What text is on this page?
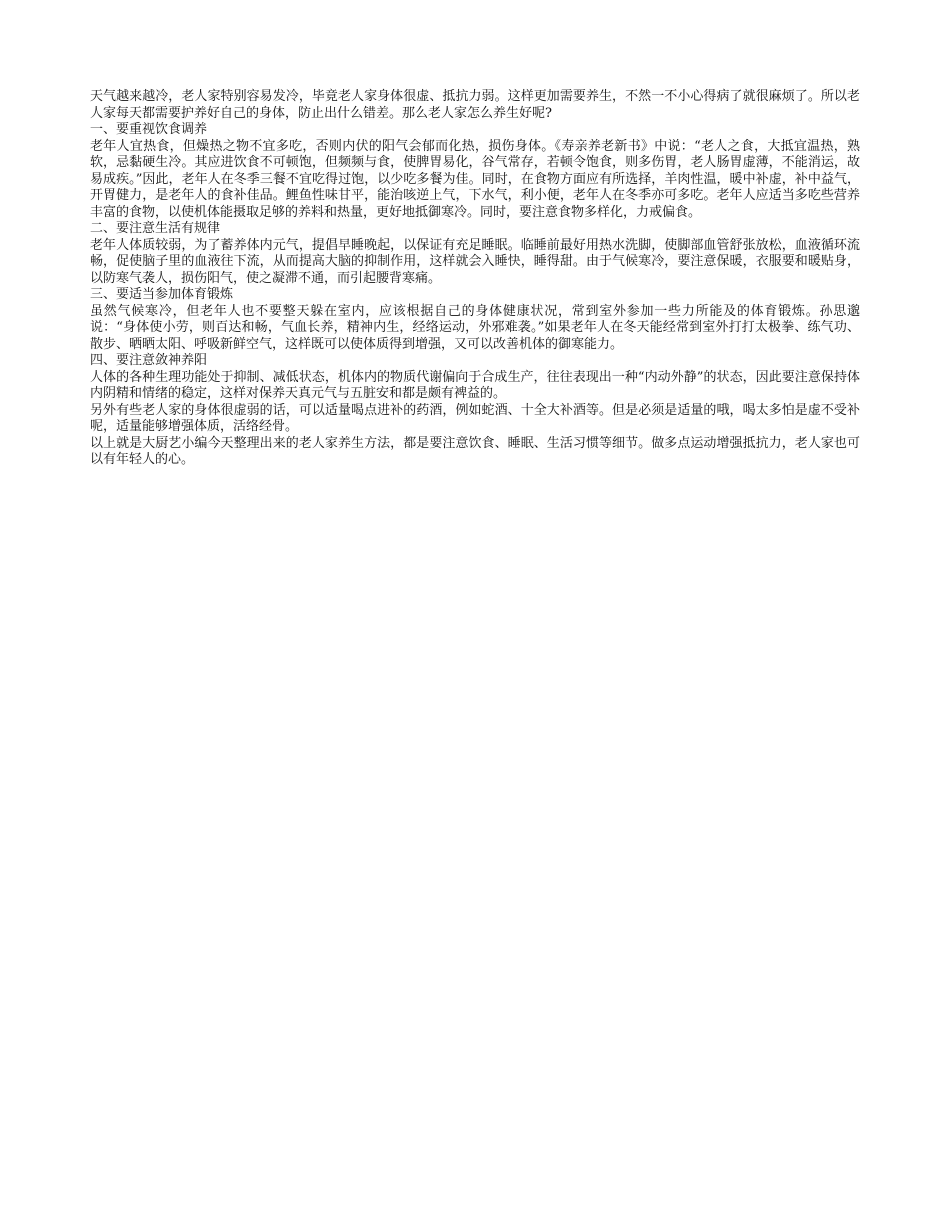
天气越来越冷，老人家特别容易发冷，毕竟老人家身体很虚、抵抗力弱。这样更加需要养生，不然一不小心得病了就很麻烦了。所以老人家每天都需要护养好自己的身体，防止出什么错差。那么老人家怎么养生好呢?

一、要重视饮食调养

老年人宜热食，但燥热之物不宜多吃，否则内伏的阳气会郁而化热，损伤身体。《寿亲养老新书》中说：“老人之食，大抵宜温热，熟软，忌黏硬生冷。其应进饮食不可顿饱，但频频与食，使脾胃易化，谷气常存，若顿令饱食，则多伤胃，老人肠胃虚薄，不能消运，故易成疾。”因此，老年人在冬季三餐不宜吃得过饱，以少吃多餐为佳。同时，在食物方面应有所选择，羊肉性温，暖中补虚，补中益气，开胃健力，是老年人的食补佳品。鲤鱼性味甘平，能治咳逆上气，下水气，利小便，老年人在冬季亦可多吃。老年人应适当多吃些营养丰富的食物，以使机体能摄取足够的养料和热量，更好地抵御寒冷。同时，要注意食物多样化，力戒偏食。

二、要注意生活有规律

老年人体质较弱，为了蓄养体内元气，提倡早睡晚起，以保证有充足睡眠。临睡前最好用热水洗脚，使脚部血管舒张放松，血液循环流畅，促使脑子里的血液往下流，从而提高大脑的抑制作用，这样就会入睡快，睡得甜。由于气候寒冷，要注意保暖，衣服要和暖贴身，以防寒气袭人，损伤阳气，使之凝滞不通，而引起腰背寒痛。

三、要适当参加体育锻炼

虽然气候寒冷，但老年人也不要整天躲在室内，应该根据自己的身体健康状况，常到室外参加一些力所能及的体育锻炼。孙思邈说：“身体使小劳，则百达和畅，气血长养，精神内生，经络运动，外邪难袭。”如果老年人在冬天能经常到室外打打太极拳、练气功、散步、晒晒太阳、呼吸新鲜空气，这样既可以使体质得到增强，又可以改善机体的御寒能力。

四、要注意敛神养阳

人体的各种生理功能处于抑制、减低状态，机体内的物质代谢偏向于合成生产，往往表现出一种“内动外静”的状态，因此要注意保持体内阴精和情绪的稳定，这样对保养天真元气与五脏安和都是颇有裨益的。

另外有些老人家的身体很虚弱的话，可以适量喝点进补的药酒，例如蛇酒、十全大补酒等。但是必须是适量的哦，喝太多怕是虚不受补呢，适量能够增强体质，活络经骨。

以上就是大厨艺小编今天整理出来的老人家养生方法，都是要注意饮食、睡眠、生活习惯等细节。做多点运动增强抵抗力，老人家也可以有年轻人的心。
